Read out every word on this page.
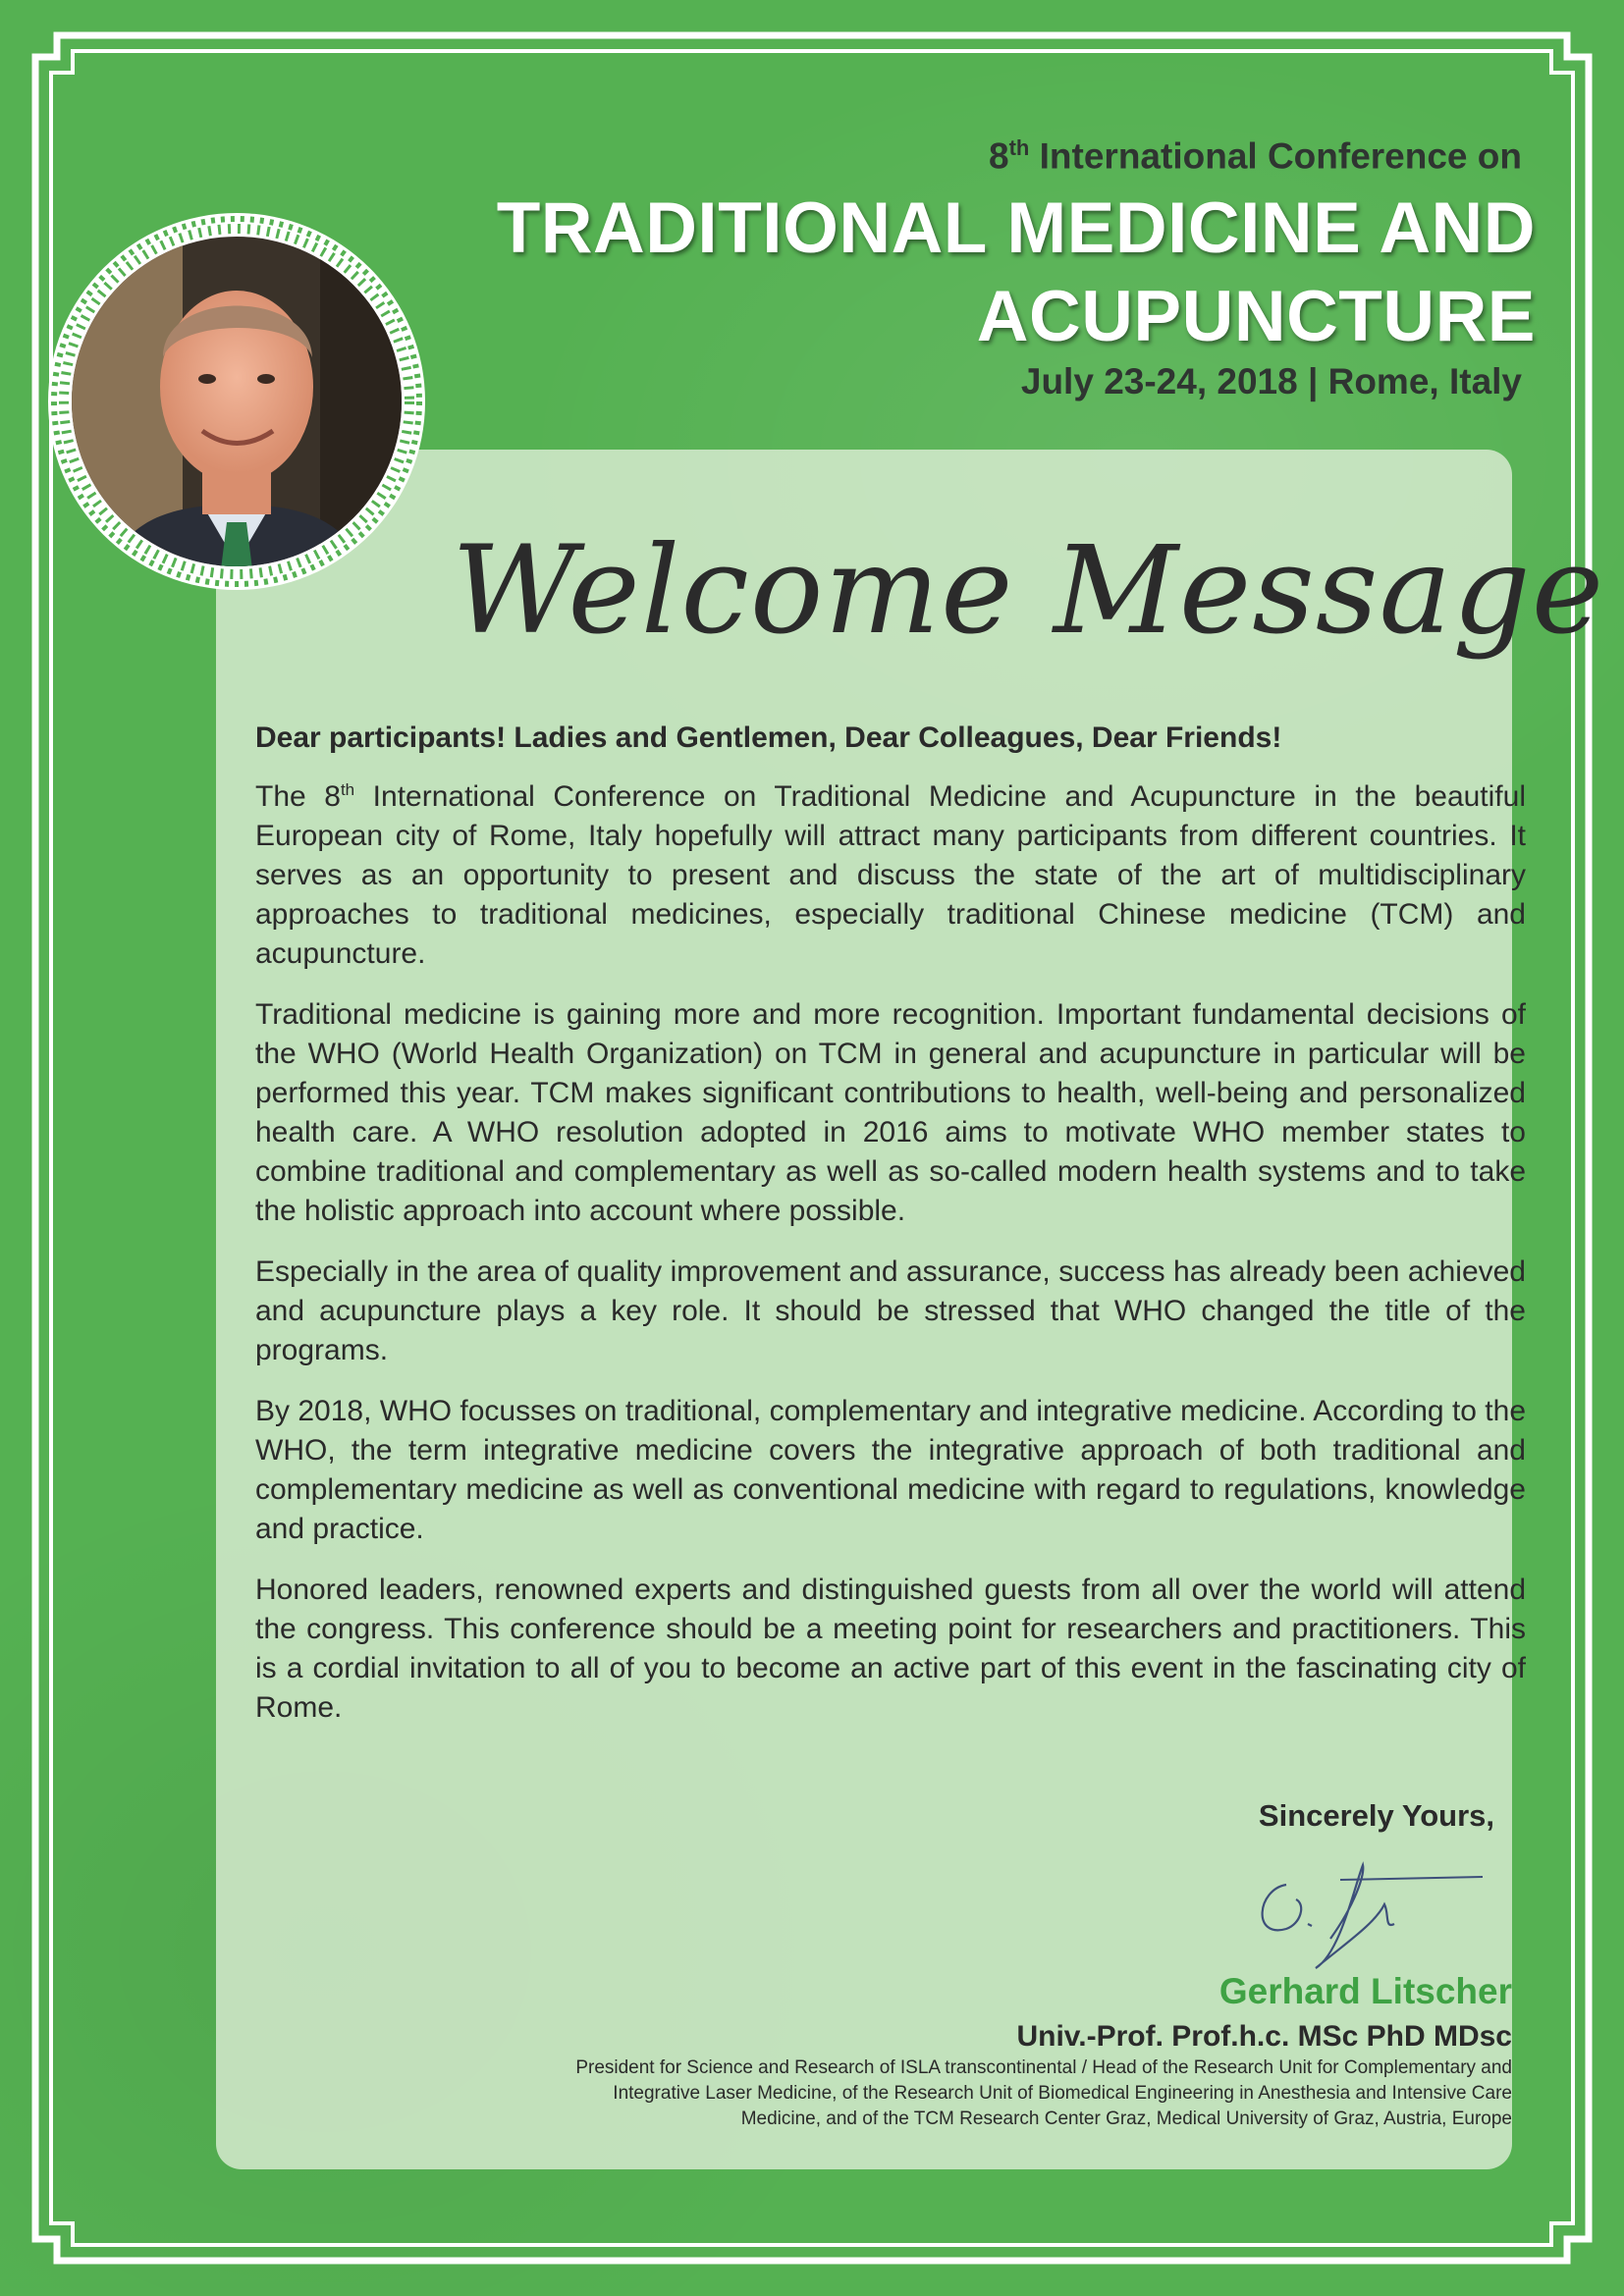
8th International Conference on
TRADITIONAL MEDICINE AND
ACUPUNCTURE
July 23-24, 2018 | Rome, Italy
Welcome Message

Dear participants! Ladies and Gentlemen, Dear Colleagues, Dear Friends!

The 8th International Conference on Traditional Medicine and Acupuncture in the beautiful European city of Rome, Italy hopefully will attract many participants from different countries. It serves as an opportunity to present and discuss the state of the art of multidisciplinary approaches to traditional medicines, especially traditional Chinese medicine (TCM) and acupuncture.

Traditional medicine is gaining more and more recognition. Important fundamental decisions of the WHO (World Health Organization) on TCM in general and acupuncture in particular will be performed this year. TCM makes significant contributions to health, well-being and personalized health care. A WHO resolution adopted in 2016 aims to motivate WHO member states to combine traditional and complementary as well as so-called modern health systems and to take the holistic approach into account where possible.

Especially in the area of quality improvement and assurance, success has already been achieved and acupuncture plays a key role. It should be stressed that WHO changed the title of the programs.

By 2018, WHO focusses on traditional, complementary and integrative medicine. According to the WHO, the term integrative medicine covers the integrative approach of both traditional and complementary medicine as well as conventional medicine with regard to regulations, knowledge and practice.

Honored leaders, renowned experts and distinguished guests from all over the world will attend the congress. This conference should be a meeting point for researchers and practitioners. This is a cordial invitation to all of you to become an active part of this event in the fascinating city of Rome.

Sincerely Yours,
Gerhard Litscher
Univ.-Prof. Prof.h.c. MSc PhD MDsc
President for Science and Research of ISLA transcontinental / Head of the Research Unit for Complementary and Integrative Laser Medicine, of the Research Unit of Biomedical Engineering in Anesthesia and Intensive Care Medicine, and of the TCM Research Center Graz, Medical University of Graz, Austria, Europe
